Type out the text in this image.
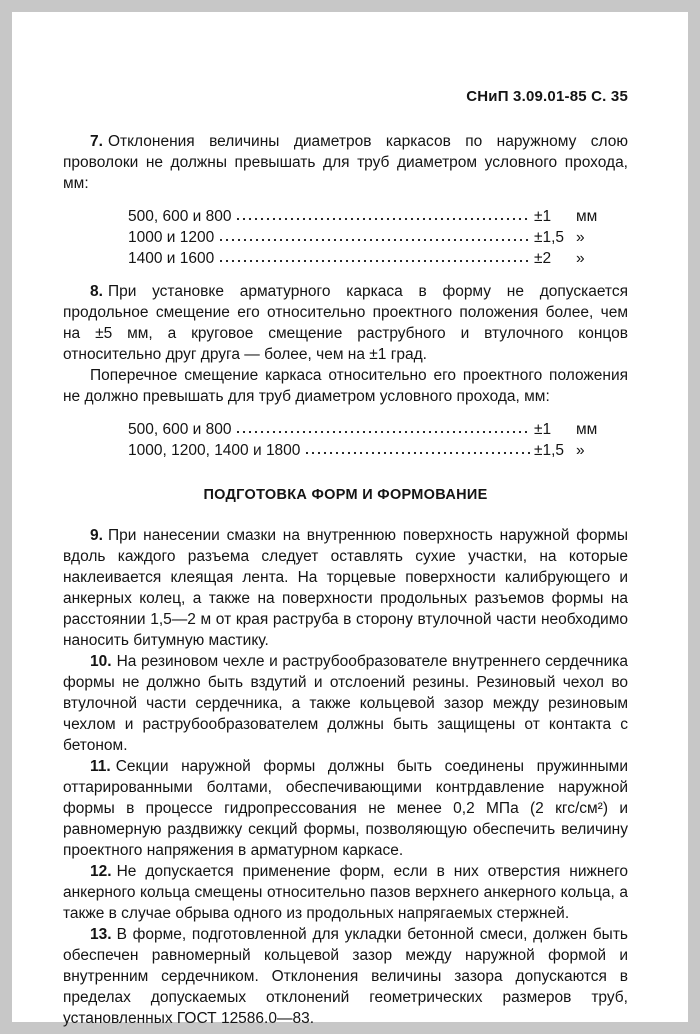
СНиП 3.09.01-85 С. 35

7. Отклонения величины диаметров каркасов по наружному слою проволоки не должны превышать для труб диаметром условного прохода, мм:

500, 600 и 800	±1	мм
1000 и 1200	±1,5 »
1400 и 1600	±2	»

8. При установке арматурного каркаса в форму не допускается продольное смещение его относительно проектного положения более, чем на ±5 мм, а круговое смещение раструбного и втулочного концов относительно друг друга — более, чем на ±1 град.

Поперечное смещение каркаса относительно его проектного положения не должно превышать для труб диаметром условного прохода, мм:

500, 600 и 800	±1	мм
1000, 1200, 1400 и 1800	±1,5 »
ПОДГОТОВКА ФОРМ И ФОРМОВАНИЕ

9. При нанесении смазки на внутреннюю поверхность наружной формы вдоль каждого разъема следует оставлять сухие участки, на которые наклеивается клеящая лента. На торцевые поверхности калибрующего и анкерных колец, а также на поверхности продольных разъемов формы на расстоянии 1,5—2 м от края раструба в сторону втулочной части необходимо наносить битумную мастику.

10. На резиновом чехле и раструбообразователе внутреннего сердечника формы не должно быть вздутий и отслоений резины. Резиновый чехол во втулочной части сердечника, а также кольцевой зазор между резиновым чехлом и раструбообразователем должны быть защищены от контакта с бетоном.

11. Секции наружной формы должны быть соединены пружинными оттарированными болтами, обеспечивающими контрдавление наружной формы в процессе гидропрессования не менее 0,2 МПа (2 кгс/см²) и равномерную раздвижку секций формы, позволяющую обеспечить величину проектного напряжения в арматурном каркасе.

12. Не допускается применение форм, если в них отверстия нижнего анкерного кольца смещены относительно пазов верхнего анкерного кольца, а также в случае обрыва одного из продольных напрягаемых стержней.

13. В форме, подготовленной для укладки бетонной смеси, должен быть обеспечен равномерный кольцевой зазор между наружной формой и внутренним сердечником. Отклонения величины зазора допускаются в пределах допускаемых отклонений геометрических размеров труб, установленных ГОСТ 12586.0—83.
